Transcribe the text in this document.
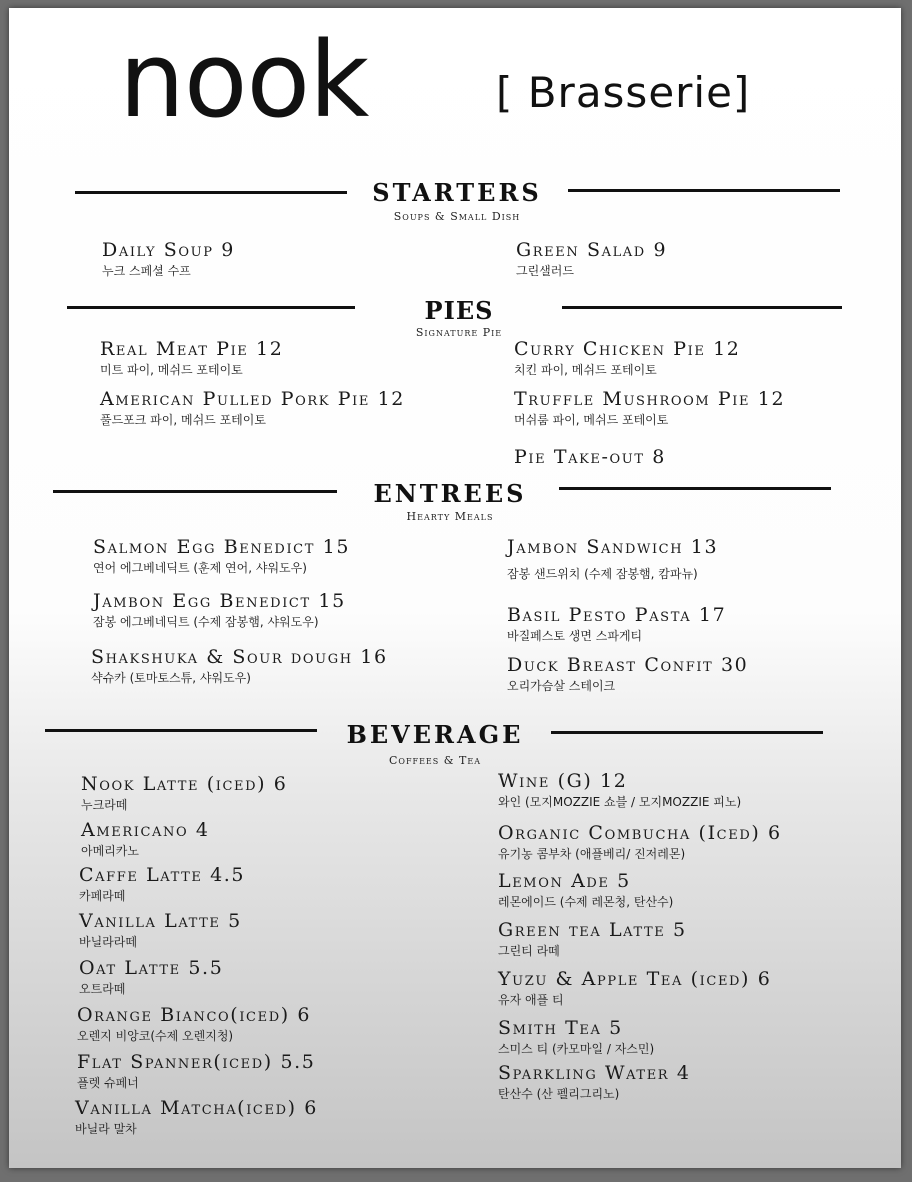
nook	[ Brasserie]
STARTERS
Soups & Small Dish
Daily Soup 9
누크 스페셜 수프
Green Salad 9
그린샐러드
PIES
Signature Pie
Real Meat Pie 12
미트 파이, 메쉬드 포테이토
Curry Chicken Pie 12
치킨 파이, 메쉬드 포테이토
American Pulled Pork Pie 12
풀드포크 파이, 메쉬드 포테이토
Truffle Mushroom Pie 12
머쉬룸 파이, 메쉬드 포테이토
Pie Take-out 8
ENTREES
Hearty Meals
Salmon Egg Benedict 15
연어 에그베네딕트 (훈제 연어, 샤워도우)
Jambon Sandwich 13
잠봉 샌드위치 (수제 잠봉햄, 캄파뉴)
Jambon Egg Benedict 15
잠봉 에그베네딕트 (수제 잠봉햄, 샤워도우)	Basil Pesto Pasta 17
바질페스토 생면 스파게티
Shakshuka & Sour dough 16
샥슈카 (토마토스튜, 샤워도우)
Duck Breast Confit 30
오리가슴살 스테이크
BEVERAGE
Coffees & Tea
Nook Latte (iced) 6
누크라떼
Americano 4
아메리카노
Caffe Latte 4.5
카페라떼
Vanilla Latte 5
바닐라라떼
Oat Latte 5.5
오트라떼
Orange Bianco(iced) 6
오렌지 비앙코(수제 오렌지청)
Flat Spanner(iced) 5.5
플렛 슈페너
Vanilla Matcha(iced) 6
바닐라 말차
Wine (G) 12
와인 (모지MOZZIE 쇼블 / 모지MOZZIE 피노)
Organic Combucha (Iced) 6
유기농 콤부차 (애플베리/ 진저레몬)
Lemon Ade 5
레몬에이드 (수제 레몬청, 탄산수)
Green tea Latte 5
그린티 라떼
Yuzu & Apple Tea (iced) 6
유자 애플 티
Smith Tea 5
스미스 티 (카모마일 / 자스민)
Sparkling Water 4
탄산수 (산 펠리그리노)
